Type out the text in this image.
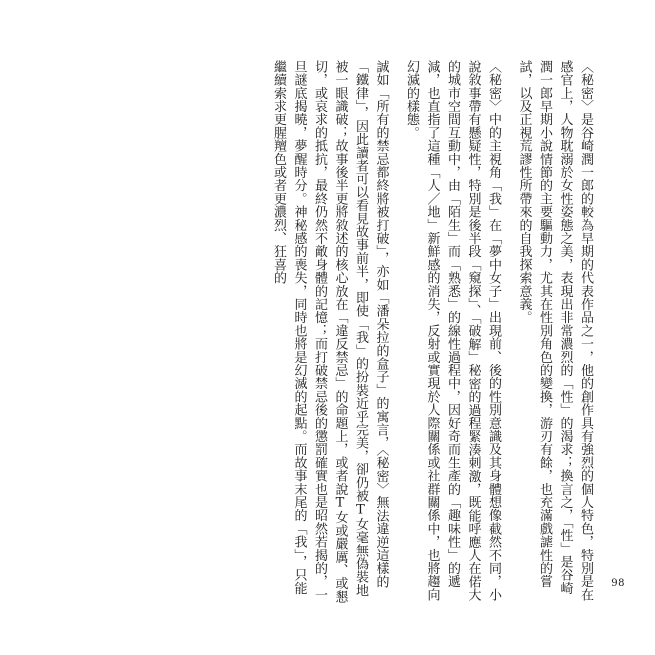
〈秘密〉是谷崎潤一郎的較為早期的代表作品之一，他的創作具有強烈的個人特色，特別是在感官上，人物耽溺於女性姿態之美，表現出非常濃烈的「性」的渴求；換言之，「性」是谷崎潤一郎早期小說情節的主要驅動力，尤其在性別角色的變換，游刃有餘，也充滿戲謔性的嘗試，以及正視荒謬性所帶來的自我探索意義。

〈秘密〉中的主視角「我」在「夢中女子」出現前、後的性別意識及其身體想像截然不同，小說敘事帶有懸疑性，特別是後半段「窺探」、「破解」秘密的過程緊湊刺激，既能呼應人在偌大的城市空間互動中，由「陌生」而「熟悉」的線性過程中，因好奇而生產的「趣味性」的遞減，也直指了這種「人／地」新鮮感的消失，反射或實現於人際關係或社群關係中，也將趨向幻滅的樣態。

誠如「所有的禁忌都終將被打破」，亦如「潘朵拉的盒子」的寓言，〈秘密〉無法違逆這樣的「鐵律」，因此讀者可以看見故事前半，即使「我」的扮裝近乎完美，卻仍被T女毫無偽裝地被一眼識破；故事後半更將敘述的核心放在「違反禁忌」的命題上，或者說T女或嚴厲、或懇切，或哀求的抵抗，最終仍然不敵身體的記憶；而打破禁忌後的懲罰確實也是昭然若揭的，一旦謎底揭曉，夢醒時分。神秘感的喪失，同時也將是幻滅的起點。而故事末尾的「我」，只能繼續索求更腥羶色或者更濃烈、狂喜的

98
